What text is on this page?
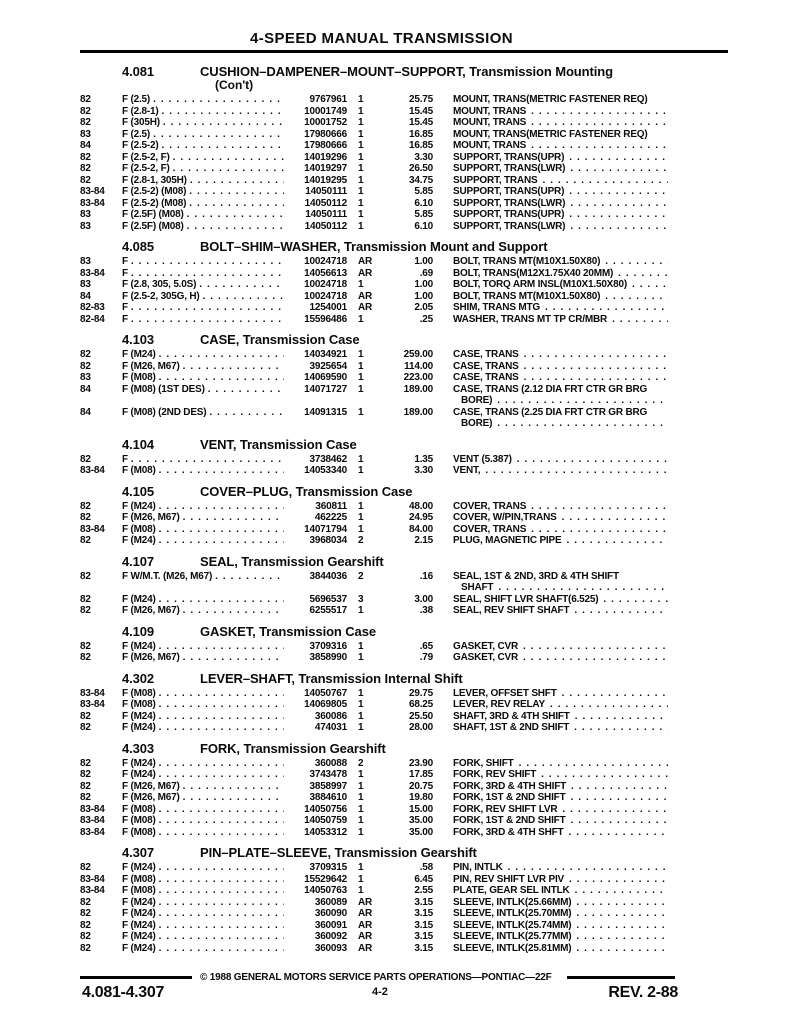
4-SPEED MANUAL TRANSMISSION
4.081	CUSHION–DAMPENER–MOUNT–SUPPORT, Transmission Mounting
(Con't)
82	F (2.5) . . .	9767961	1	25.75 MOUNT, TRANS(METRIC FASTENER REQ)
82	F (2.8-1) . . .	10001749	1	15.45 MOUNT, TRANS
. . .
82	F (305H) . . .	10001752	1	15.45 MOUNT, TRANS
. . .
83	F (2.5) . . .	17980666	1	16.85 MOUNT, TRANS(METRIC FASTENER REQ)
84	F (2.5-2) . . .	17980666	1	16.85 MOUNT, TRANS
. . .
82	F (2.5-2, F) . . .	14019296	1	3.30 SUPPORT, TRANS(UPR)
. . .
82	F (2.5-2, F) . . .	14019297	1	26.50 SUPPORT, TRANS(LWR)
. . .
82	F (2.8-1, 305H) . . .	14019295	1	34.75 SUPPORT, TRANS
. . .
83-84	F (2.5-2) (M08) . . .	14050111	1	5.85 SUPPORT, TRANS(UPR)
. . .
83-84	F (2.5-2) (M08) . . .	14050112	1	6.10 SUPPORT, TRANS(LWR)
. . .
83	F (2.5F) (M08) . . .	14050111	1	5.85 SUPPORT, TRANS(UPR)
. . .
83	F (2.5F) (M08) . . .	14050112	1	6.10 SUPPORT, TRANS(LWR)
. . .
4.085	BOLT–SHIM–WASHER, Transmission Mount and Support
83	F . . .	10024718	AR	1.00 BOLT, TRANS MT(M10X1.50X80)
. . .
83-84	F . . .	14056613	AR	.69 BOLT, TRANS(M12X1.75X40 20MM)
. . .
83	F (2.8, 305, 5.0S) . . .	10024718	1	1.00 BOLT, TORQ ARM INSL(M10X1.50X80)
. . .
84	F (2.5-2, 305G, H) . . .	10024718	AR	1.00 BOLT, TRANS MT(M10X1.50X80)
. . .
82-83	F . . .	1254001	AR	2.05 SHIM, TRANS MTG
. . .
82-84	F . . .	15596486	1	.25 WASHER, TRANS MT TP CR/MBR
. . .
4.103	CASE, Transmission Case
82	F (M24) . . .	14034921	1	259.00 CASE, TRANS
. . .
82	F (M26, M67) . . .	3925654	1	114.00 CASE, TRANS
. . .
83	F (M08) . . .	14069590	1	223.00 CASE, TRANS
. . .
84	F (M08) (1ST DES) . . .	14071727	1	189.00 CASE, TRANS (2.12 DIA FRT CTR GR BRG
BORE)
. . .
84	F (M08) (2ND DES) . . .	14091315	1	189.00 CASE, TRANS (2.25 DIA FRT CTR GR BRG
BORE)
. . .
4.104	VENT, Transmission Case
82	F . . .	3738462	1	1.35 VENT (5.387)
. . .
83-84	F (M08) . . .	14053340	1	3.30 VENT,
. . .
4.105	COVER–PLUG, Transmission Case
82	F (M24) . . .	360811	1	48.00 COVER, TRANS
. . .
82	F (M26, M67) . . .	462225	1	24.95 COVER, W/PIN,TRANS
. . .
83-84	F (M08) . . .	14071794	1	84.00 COVER, TRANS
. . .
82	F (M24) . . .	3968034	2	2.15 PLUG, MAGNETIC PIPE
. . .
4.107	SEAL, Transmission Gearshift
82	F W/M.T. (M26, M67) . . .	3844036	2	.16 SEAL, 1ST & 2ND, 3RD & 4TH SHIFT
SHAFT
. . .
82	F (M24) . . .	5696537	3	3.00 SEAL, SHIFT LVR SHAFT(6.525)
. . .
82	F (M26, M67) . . .	6255517	1	.38 SEAL, REV SHIFT SHAFT
. . .
4.109	GASKET, Transmission Case
82	F (M24) . . .	3709316	1	.65 GASKET, CVR
. . .
82	F (M26, M67) . . .	3858990	1	.79 GASKET, CVR
. . .
4.302	LEVER–SHAFT, Transmission Internal Shift
83-84	F (M08) . . .	14050767	1	29.75 LEVER, OFFSET SHFT
. . .
83-84	F (M08) . . .	14069805	1	68.25 LEVER, REV RELAY
. . .
82	F (M24) . . .	360086	1	25.50 SHAFT, 3RD & 4TH SHIFT
. . .
82	F (M24) . . .	474031	1	28.00 SHAFT, 1ST & 2ND SHIFT
. . .
4.303	FORK, Transmission Gearshift
82	F (M24) . . .	360088	2	23.90 FORK, SHIFT
. . .
82	F (M24) . . .	3743478	1	17.85 FORK, REV SHIFT
. . .
82	F (M26, M67) . . .	3858997	1	20.75 FORK, 3RD & 4TH SHIFT
. . .
82	F (M26, M67) . . .	3884610	1	19.80 FORK, 1ST & 2ND SHIFT
. . .
83-84	F (M08) . . .	14050756	1	15.00 FORK, REV SHIFT LVR
. . .
83-84	F (M08) . . .	14050759	1	35.00 FORK, 1ST & 2ND SHIFT
. . .
83-84	F (M08) . . .	14053312	1	35.00 FORK, 3RD & 4TH SHFT
. . .
4.307	PIN–PLATE–SLEEVE, Transmission Gearshift
82	F (M24) . . .	3709315	1	.58 PIN, INTLK
. . .
83-84	F (M08) . . .	15529642	1	6.45 PIN, REV SHIFT LVR PIV
. . .
83-84	F (M08) . . .	14050763	1	2.55 PLATE, GEAR SEL INTLK
. . .
82	F (M24) . . .	360089	AR	3.15 SLEEVE, INTLK(25.66MM)
. . .
82	F (M24) . . .	360090	AR	3.15 SLEEVE, INTLK(25.70MM)
. . .
82	F (M24) . . .	360091	AR	3.15 SLEEVE, INTLK(25.74MM)
. . .
82	F (M24) . . .	360092	AR	3.15 SLEEVE, INTLK(25.77MM)
. . .
82	F (M24) . . .	360093	AR	3.15 SLEEVE, INTLK(25.81MM)
. . .
© 1988 GENERAL MOTORS SERVICE PARTS OPERATIONS—PONTIAC—22F
4.081-4.307	4-2	REV. 2-88
